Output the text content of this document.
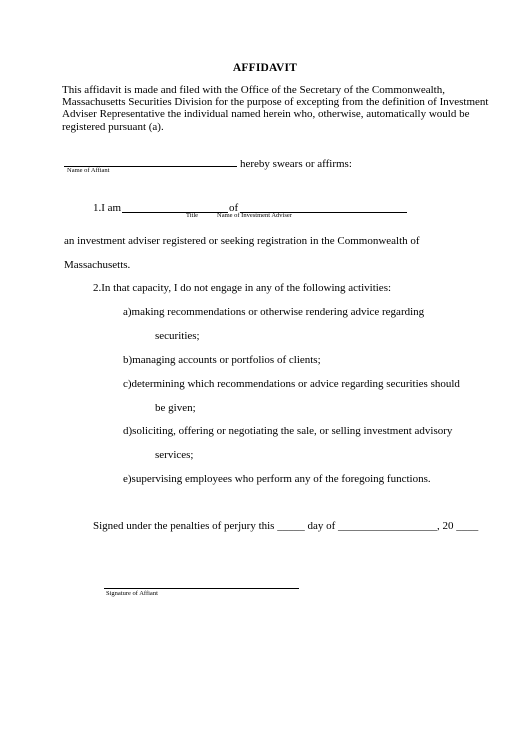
AFFIDAVIT
This affidavit is made and filed with the Office of the Secretary of the Commonwealth,
Massachusetts Securities Division for the purpose of excepting from the definition of Investment
Adviser Representative the individual named herein who, otherwise, automatically would be
registered pursuant (a).
hereby swears or affirms:
Name of Affiant
1.I am	of
Title	Name of Investment Adviser
an investment adviser registered or seeking registration in the Commonwealth of
Massachusetts.
2.In that capacity, I do not engage in any of the following activities:
a)making recommendations or otherwise rendering advice regarding
securities;
b)managing accounts or portfolios of clients;
c)determining which recommendations or advice regarding securities should
be given;
d)soliciting, offering or negotiating the sale, or selling investment advisory
services;
e)supervising employees who perform any of the foregoing functions.
Signed under the penalties of perjury this _____ day of __________________, 20 ____
Signature of Affiant
